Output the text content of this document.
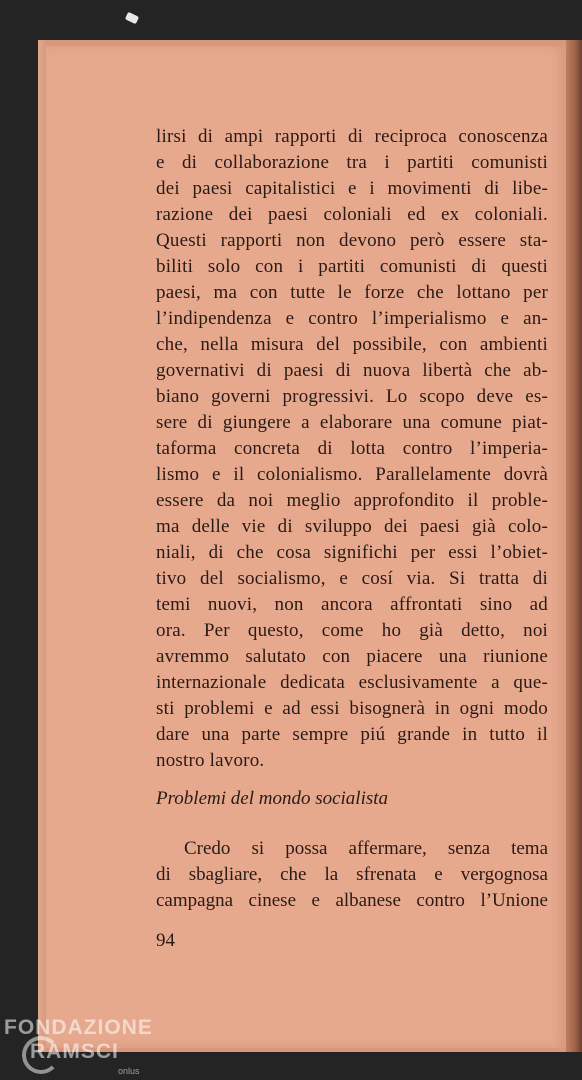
lirsi di ampi rapporti di reciproca conoscenza
e di collaborazione tra i partiti comunisti
dei paesi capitalistici e i movimenti di libe-
razione dei paesi coloniali ed ex coloniali.
Questi rapporti non devono però essere sta-
biliti solo con i partiti comunisti di questi
paesi, ma con tutte le forze che lottano per
l’indipendenza e contro l’imperialismo e an-
che, nella misura del possibile, con ambienti
governativi di paesi di nuova libertà che ab-
biano governi progressivi. Lo scopo deve es-
sere di giungere a elaborare una comune piat-
taforma concreta di lotta contro l’imperia-
lismo e il colonialismo. Parallelamente dovrà
essere da noi meglio approfondito il proble-
ma delle vie di sviluppo dei paesi già colo-
niali, di che cosa significhi per essi l’obiet-
tivo del socialismo, e cosí via. Si tratta di
temi nuovi, non ancora affrontati sino ad
ora. Per questo, come ho già detto, noi
avremmo salutato con piacere una riunione
internazionale dedicata esclusivamente a que-
sti problemi e ad essi bisognerà in ogni modo
dare una parte sempre piú grande in tutto il
nostro lavoro.
Problemi del mondo socialista
Credo si possa affermare, senza tema
di sbagliare, che la sfrenata e vergognosa
campagna cinese e albanese contro l’Unione
94
FONDAZIONE
RAMSCI
onlus
